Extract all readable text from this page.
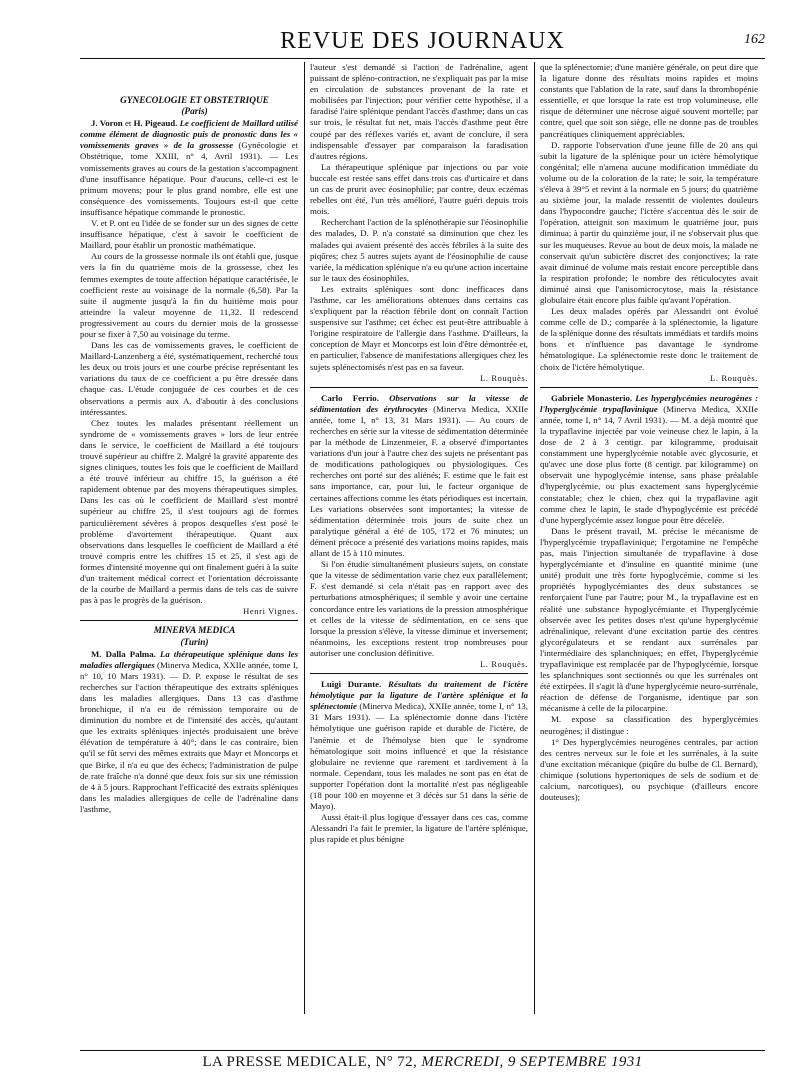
REVUE DES JOURNAUX	162

GYNECOLOGIE ET OBSTETRIQUE

(Paris)

J. Voron et H. Pigeaud. Le coefficient de Maillard utilisé comme élément de diagnostic puis de pronostic dans les « vomissements graves » de la grossesse (Gynécologie et Obstétrique, tome XXIII, n° 4, Avril 1931). — Les vomissements graves au cours de la gestation s'accompagnent d'une insuffisance hépatique. Pour d'aucuns, celle-ci est le primum movens; pour le plus grand nombre, elle est une conséquence des vomissements. Toujours est-il que cette insuffisance hépatique commande le pronostic.

V. et P. ont eu l'idée de se fonder sur un des signes de cette insuffisance hépatique, c'est à savoir le coefficient de Maillard, pour établir un pronostic mathématique.

Au cours de la grossesse normale ils ont établi que, jusque vers la fin du quatrième mois de la grossesse, chez les femmes exemptes de toute affection hépatique caractérisée, le coefficient reste au voisinage de la normale (6,58). Par la suite il augmente jusqu'à la fin du huitième mois pour atteindre la valeur moyenne de 11,32. Il redescend progressivement au cours du dernier mois de la grossesse pour se fixer à 7,50 au voisinage du terme.

Dans les cas de vomissements graves, le coefficient de Maillard-Lanzenberg a été, systématiquement, recherché tous les deux ou trois jours et une courbe précise représentant les variations du taux de ce coefficient a pu être dressée dans chaque cas. L'étude conjuguée de ces courbes et de ces observations a permis aux A. d'aboutir à des conclusions intéressantes.

Chez toutes les malades présentant réellement un syndrome de « vomissements graves » lors de leur entrée dans le service, le coefficient de Maillard a été toujours trouvé supérieur au chiffre 2. Malgré la gravité apparente des signes cliniques, toutes les fois que le coefficient de Maillard a été trouvé inférieur au chiffre 15, la guérison a été rapidement obtenue par des moyens thérapeutiques simples. Dans les cas où le coefficient de Maillard s'est montré supérieur au chiffre 25, il s'est toujours agi de formes particulièrement sévères à propos desquelles s'est posé le problème d'avortement thérapeutique. Quant aux observations dans lesquelles le coefficient de Maillard a été trouvé compris entre les chiffres 15 et 25, il s'est agi de formes d'intensité moyenne qui ont finalement guéri à la suite d'un traitement médical correct et l'orientation décroissante de la courbe de Maillard a permis dans de tels cas de suivre pas à pas le progrès de la guérison.

Henri Vignes.

MINERVA MEDICA

(Turin)

M. Dalla Palma. La thérapeutique splénique dans les maladies allergiques (Minerva Medica, XXIIe année, tome I, n° 10, 10 Mars 1931). — D. P. expose le résultat de ses recherches sur l'action thérapeutique des extraits spléniques dans les maladies allergiques. Dans 13 cas d'asthme bronchique, il n'a eu de rémission temporaire ou de diminution du nombre et de l'intensité des accès, qu'autant que les extraits spléniques injectés produisaient une brève élévation de température à 40°; dans le cas contraire, bien qu'il se fût servi des mêmes extraits que Mayr et Moncorps et que Birke, il n'a eu que des échecs; l'administration de pulpe de rate fraîche n'a donné que deux fois sur six une rémission de 4 à 5 jours. Rapprochant l'efficacité des extraits spléniques dans les maladies allergiques de celle de l'adrénaline dans l'asthme,

l'auteur s'est demandé si l'action de l'adrénaline, agent puissant de spléno-contraction, ne s'expliquait pas par la mise en circulation de substances provenant de la rate et mobilisées par l'injection; pour vérifier cette hypothèse, il a faradisé l'aire splénique pendant l'accès d'asthme; dans un cas sur trois, le résultat fut net, mais l'accès d'asthme peut être coupé par des réflexes variés et, avant de conclure, il sera indispensable d'essayer par comparaison la faradisation d'autres régions.

La thérapeutique splénique par injections ou par voie buccale est restée sans effet dans trois cas d'urticaire et dans un cas de prurit avec éosinophilie; par contre, deux eczémas rebelles ont été, l'un très amélioré, l'autre guéri depuis trois mois.

Recherchant l'action de la splénothérapie sur l'éosinophilie des malades, D. P. n'a constaté sa diminution que chez les malades qui avaient présenté des accès fébriles à la suite des piqûres; chez 5 autres sujets ayant de l'éosinophilie de cause variée, la médication splénique n'a eu qu'une action incertaine sur le taux des éosinophiles.

Les extraits spléniques sont donc inefficaces dans l'asthme, car les améliorations obtenues dans certains cas s'expliquent par la réaction fébrile dont on connaît l'action suspensive sur l'asthme; cet échec est peut-être attribuable à l'origine respiratoire de l'allergie dans l'asthme. D'ailleurs, la conception de Mayr et Moncorps est loin d'être démontrée et, en particulier, l'absence de manifestations allergiques chez les sujets splénectomisés n'est pas en sa faveur.

L. Rouquès.

Carlo Ferrio. Observations sur la vitesse de sédimentation des érythrocytes (Minerva Medica, XXIIe année, tome I, n° 13, 31 Mars 1931). — Au cours de recherches en série sur la vitesse de sédimentation déterminée par la méthode de Linzenmeier, F. a observé d'importantes variations d'un jour à l'autre chez des sujets ne présentant pas de modifications pathologiques ou physiologiques. Ces recherches ont porté sur des aliénés; F. estime que le fait est sans importance, car, pour lui, le facteur organique de certaines affections comme les états périodiques est incertain. Les variations observées sont importantes; la vitesse de sédimentation déterminée trois jours de suite chez un paralytique général a été de 105, 172 et 76 minutes; un dément précoce a présenté des variations moins rapides, mais allant de 15 à 110 minutes.

Si l'on étudie simultanément plusieurs sujets, on constate que la vitesse de sédimentation varie chez eux parallèlement; F. s'est demandé si cela n'était pas en rapport avec des perturbations atmosphériques; il semble y avoir une certaine concordance entre les variations de la pression atmosphérique et celles de la vitesse de sédimentation, en ce sens que lorsque la pression s'élève, la vitesse diminue et inversement; néanmoins, les exceptions restent trop nombreuses pour autoriser une conclusion définitive.

L. Rouquès.

Luigi Durante. Résultats du traitement de l'ictère hémolytique par la ligature de l'artère splénique et la splénectomie (Minerva Medica), XXIIe année, tome I, n° 13, 31 Mars 1931). — La splénectomie donne dans l'ictère hémolytique une guérison rapide et durable de l'ictère, de l'anémie et de l'hémolyse bien que le syndrome hématologique soit moins influencé et que la résistance globulaire ne revienne que rarement et tardivement à la normale. Cependant, tous les malades ne sont pas en état de supporter l'opération dont la mortalité n'est pas négligeable (18 pour 100 en moyenne et 3 décès sur 51 dans la série de Mayo).

Aussi était-il plus logique d'essayer dans ces cas, comme Alessandri l'a fait le premier, la ligature de l'artère splénique, plus rapide et plus bénigne

que la splénectomie; d'une manière générale, on peut dire que la ligature donne des résultats moins rapides et moins constants que l'ablation de la rate, sauf dans la thrombopénie essentielle, et que lorsque la rate est trop volumineuse, elle risque de déterminer une nécrose aiguë souvent mortelle; par contre, quel que soit son siège, elle ne donne pas de troubles pancréatiques cliniquement appréciables.

D. rapporte l'observation d'une jeune fille de 20 ans qui subit la ligature de la splénique pour un ictère hémolytique congénital; elle n'amena aucune modification immédiate du volume ou de la coloration de la rate; le soir, la température s'éleva à 39°5 et revint à la normale en 5 jours; du quatrième au sixième jour, la malade ressentit de violentes douleurs dans l'hypocondre gauche; l'ictère s'accentua dès le soir de l'opération, atteignit son maximum le quatrième jour, puis diminua; à partir du quinzième jour, il ne s'observait plus que sur les muqueuses. Revue au bout de deux mois, la malade ne conservait qu'un subictère discret des conjonctives; la rate avait diminué de volume mais restait encore perceptible dans la respiration profonde; le nombre des réticulocytes avait diminué ainsi que l'anisomicrocytose, mais la résistance globulaire était encore plus faible qu'avant l'opération.

Les deux malades opérés par Alessandri ont évolué comme celle de D.; comparée à la splénectomie, la ligature de la splénique donne des résultats immédiats et tardifs moins bons et n'influence pas davantage le syndrome hématologique. La splénectomie reste donc le traitement de choix de l'ictère hémolytique.

L. Rouquès.

Gabriele Monasterio. Les hyperglycémies neurogènes : l'hyperglycémie trypaflavinique (Minerva Medica, XXIIe année, tome I, n° 14, 7 Avril 1931). — M. a déjà montré que la trypaflavine injectée par voie veineuse chez le lapin, à la dose de 2 à 3 centigr. par kilogramme, produisait constamment une hyperglycémie notable avec glycosurie, et qu'avec une dose plus forte (8 centigr. par kilogramme) on observait une hypoglycémie intense, sans phase préalable d'hyperglycémie, ou plus exactement sans hyperglycémie constatable; chez le chien, chez qui la trypaflavine agit comme chez le lapin, le stade d'hypoglycémie est précédé d'une hyperglycémie assez longue pour être décelée.

Dans le présent travail, M. précise le mécanisme de l'hyperglycémie trypaflavinique; l'ergotamine ne l'empêche pas, mais l'injection simultanée de trypaflavine à dose hyperglycémiante et d'insuline en quantité minime (une unité) produit une très forte hypoglycémie, comme si les propriétés hypoglycémiantes des deux substances se renforçaient l'une par l'autre; pour M., la trypaflavine est en réalité une substance hypoglycémiante et l'hyperglycémie observée avec les petites doses n'est qu'une hyperglycémie adrénalinique, relevant d'une excitation partie des centres glycorégulateurs et se rendant aux surrénales par l'intermédiaire des splanchniques; en effet, l'hyperglycémie trypaflavinique est remplacée par de l'hypoglycémie, lorsque les splanchniques sont sectionnés ou que les surrénales ont été extirpées. Il s'agit là d'une hyperglycémie neuro-surrénale, réaction de défense de l'organisme, identique par son mécanisme à celle de la pilocarpine.

M. expose sa classification des hyperglycémies neurogènes; il distingue :

1° Des hyperglycémies neurogènes centrales, par action des centres nerveux sur le foie et les surrénales, à la suite d'une excitation mécanique (piqûre du bulbe de Cl. Bernard), chimique (solutions hypertoniques de sels de sodium et de calcium, narcotiques), ou psychique (d'ailleurs encore douteuses);

LA PRESSE MEDICALE, N° 72, MERCREDI, 9 SEPTEMBRE 1931
